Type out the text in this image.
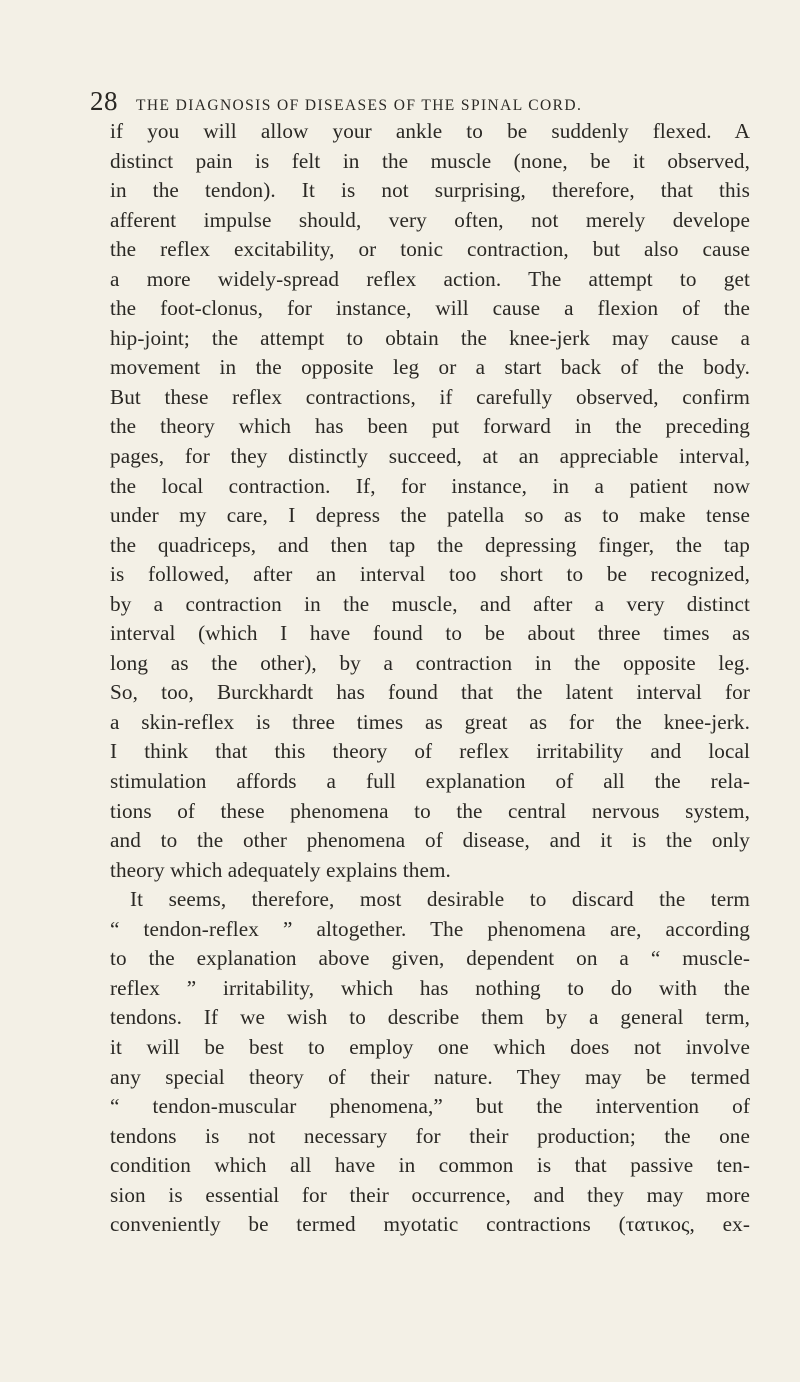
28 THE DIAGNOSIS OF DISEASES OF THE SPINAL CORD.
if you will allow your ankle to be suddenly flexed. A
distinct pain is felt in the muscle (none, be it observed,
in the tendon). It is not surprising, therefore, that this
afferent impulse should, very often, not merely develope
the reflex excitability, or tonic contraction, but also cause
a more widely-spread reflex action. The attempt to get
the foot-clonus, for instance, will cause a flexion of the
hip-joint; the attempt to obtain the knee-jerk may cause a
movement in the opposite leg or a start back of the body.
But these reflex contractions, if carefully observed, confirm
the theory which has been put forward in the preceding
pages, for they distinctly succeed, at an appreciable interval,
the local contraction. If, for instance, in a patient now
under my care, I depress the patella so as to make tense
the quadriceps, and then tap the depressing finger, the tap
is followed, after an interval too short to be recognized,
by a contraction in the muscle, and after a very distinct
interval (which I have found to be about three times as
long as the other), by a contraction in the opposite leg.
So, too, Burckhardt has found that the latent interval for
a skin-reflex is three times as great as for the knee-jerk.
I think that this theory of reflex irritability and local
stimulation affords a full explanation of all the rela-
tions of these phenomena to the central nervous system,
and to the other phenomena of disease, and it is the only
theory which adequately explains them.
It seems, therefore, most desirable to discard the term
“ tendon-reflex ” altogether. The phenomena are, according
to the explanation above given, dependent on a “ muscle-
reflex ” irritability, which has nothing to do with the
tendons. If we wish to describe them by a general term,
it will be best to employ one which does not involve
any special theory of their nature. They may be termed
“ tendon-muscular phenomena,” but the intervention of
tendons is not necessary for their production; the one
condition which all have in common is that passive ten-
sion is essential for their occurrence, and they may more
conveniently be termed myotatic contractions (τατικος, ex-
